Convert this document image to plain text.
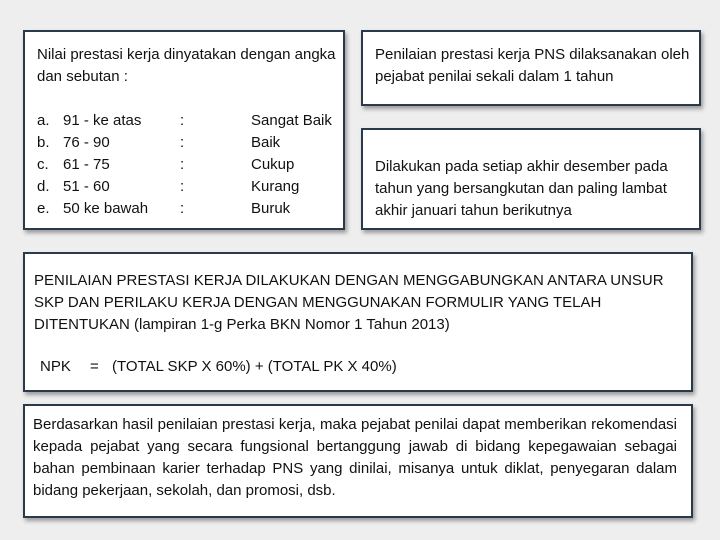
Nilai prestasi kerja dinyatakan dengan angka dan sebutan :
a. 91 - ke atas	:	Sangat Baik
b. 76 - 90	:	Baik
c. 61 - 75	:	Cukup
d. 51 - 60	:	Kurang
e. 50 ke bawah :	Buruk
Penilaian prestasi kerja PNS dilaksanakan oleh pejabat penilai sekali dalam 1 tahun
Dilakukan pada setiap akhir desember pada tahun yang bersangkutan dan paling lambat akhir januari tahun berikutnya
PENILAIAN PRESTASI KERJA DILAKUKAN DENGAN MENGGABUNGKAN ANTARA UNSUR SKP DAN PERILAKU KERJA DENGAN MENGGUNAKAN FORMULIR YANG TELAH DITENTUKAN (lampiran 1-g Perka BKN Nomor 1 Tahun 2013)
NPK = (TOTAL SKP X 60%) + (TOTAL PK X 40%)
Berdasarkan hasil penilaian prestasi kerja, maka pejabat penilai dapat memberikan rekomendasi kepada pejabat yang secara fungsional bertanggung jawab di bidang kepegawaian sebagai bahan pembinaan karier terhadap PNS yang dinilai, misanya untuk diklat, penyegaran dalam bidang pekerjaan, sekolah, dan promosi, dsb.
